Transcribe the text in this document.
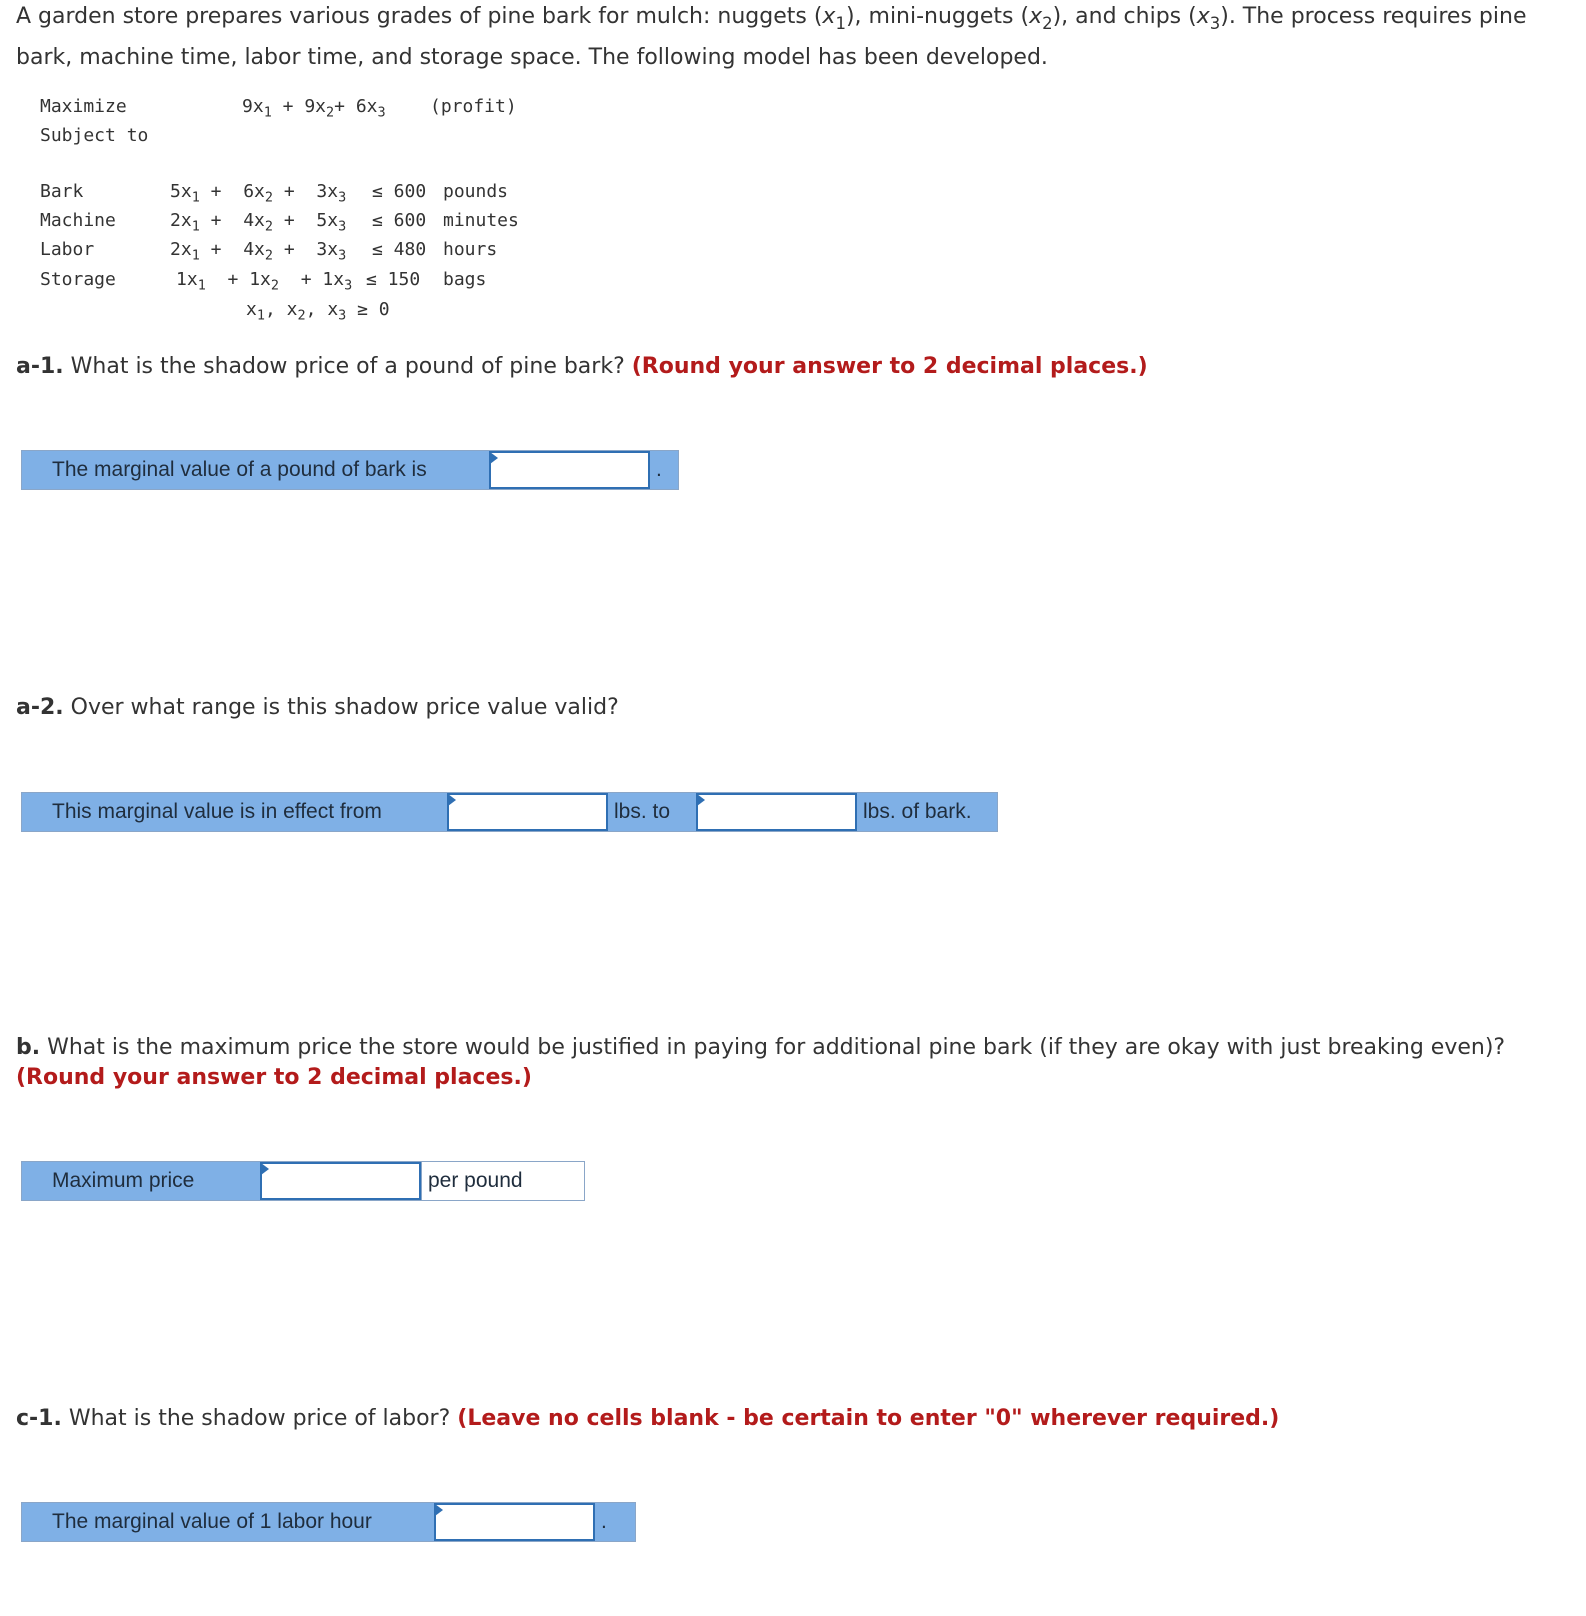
A garden store prepares various grades of pine bark for mulch: nuggets $(x_1)$, mini-nuggets $(x_2)$, and chips $(x_3)$. The process requires pine bark, machine time, labor time, and storage space. The following model has been developed.
Maximize
Subject to
$9x_1 + 9x_2+ 6x_3$ (profit)
Bark	$5x_1 + 6x_2 + 3x_3 \le 600$ pounds
Machine	$2x_1 + 4x_2 + 5x_3 \le 600$ minutes
Labor	$2x_1 + 4x_2 + 3x_3 \le 480$ hours
Storage	$1x_1 + 1x_2 + 1x_3 \le 150$ bags
$x_1$, $x_2$, $x_3 \ge 0$
a-1. What is the shadow price of a pound of pine bark? (Round your answer to 2 decimal places.)
The marginal value of a pound of bark is	.
a-2. Over what range is this shadow price value valid?
This marginal value is in effect from	lbs. to	lbs. of bark.
b. What is the maximum price the store would be justified in paying for additional pine bark (if they are okay with just breaking even)? (Round your answer to 2 decimal places.)
Maximum price	per pound
c-1. What is the shadow price of labor? (Leave no cells blank - be certain to enter "0" wherever required.)
The marginal value of 1 labor hour	.
